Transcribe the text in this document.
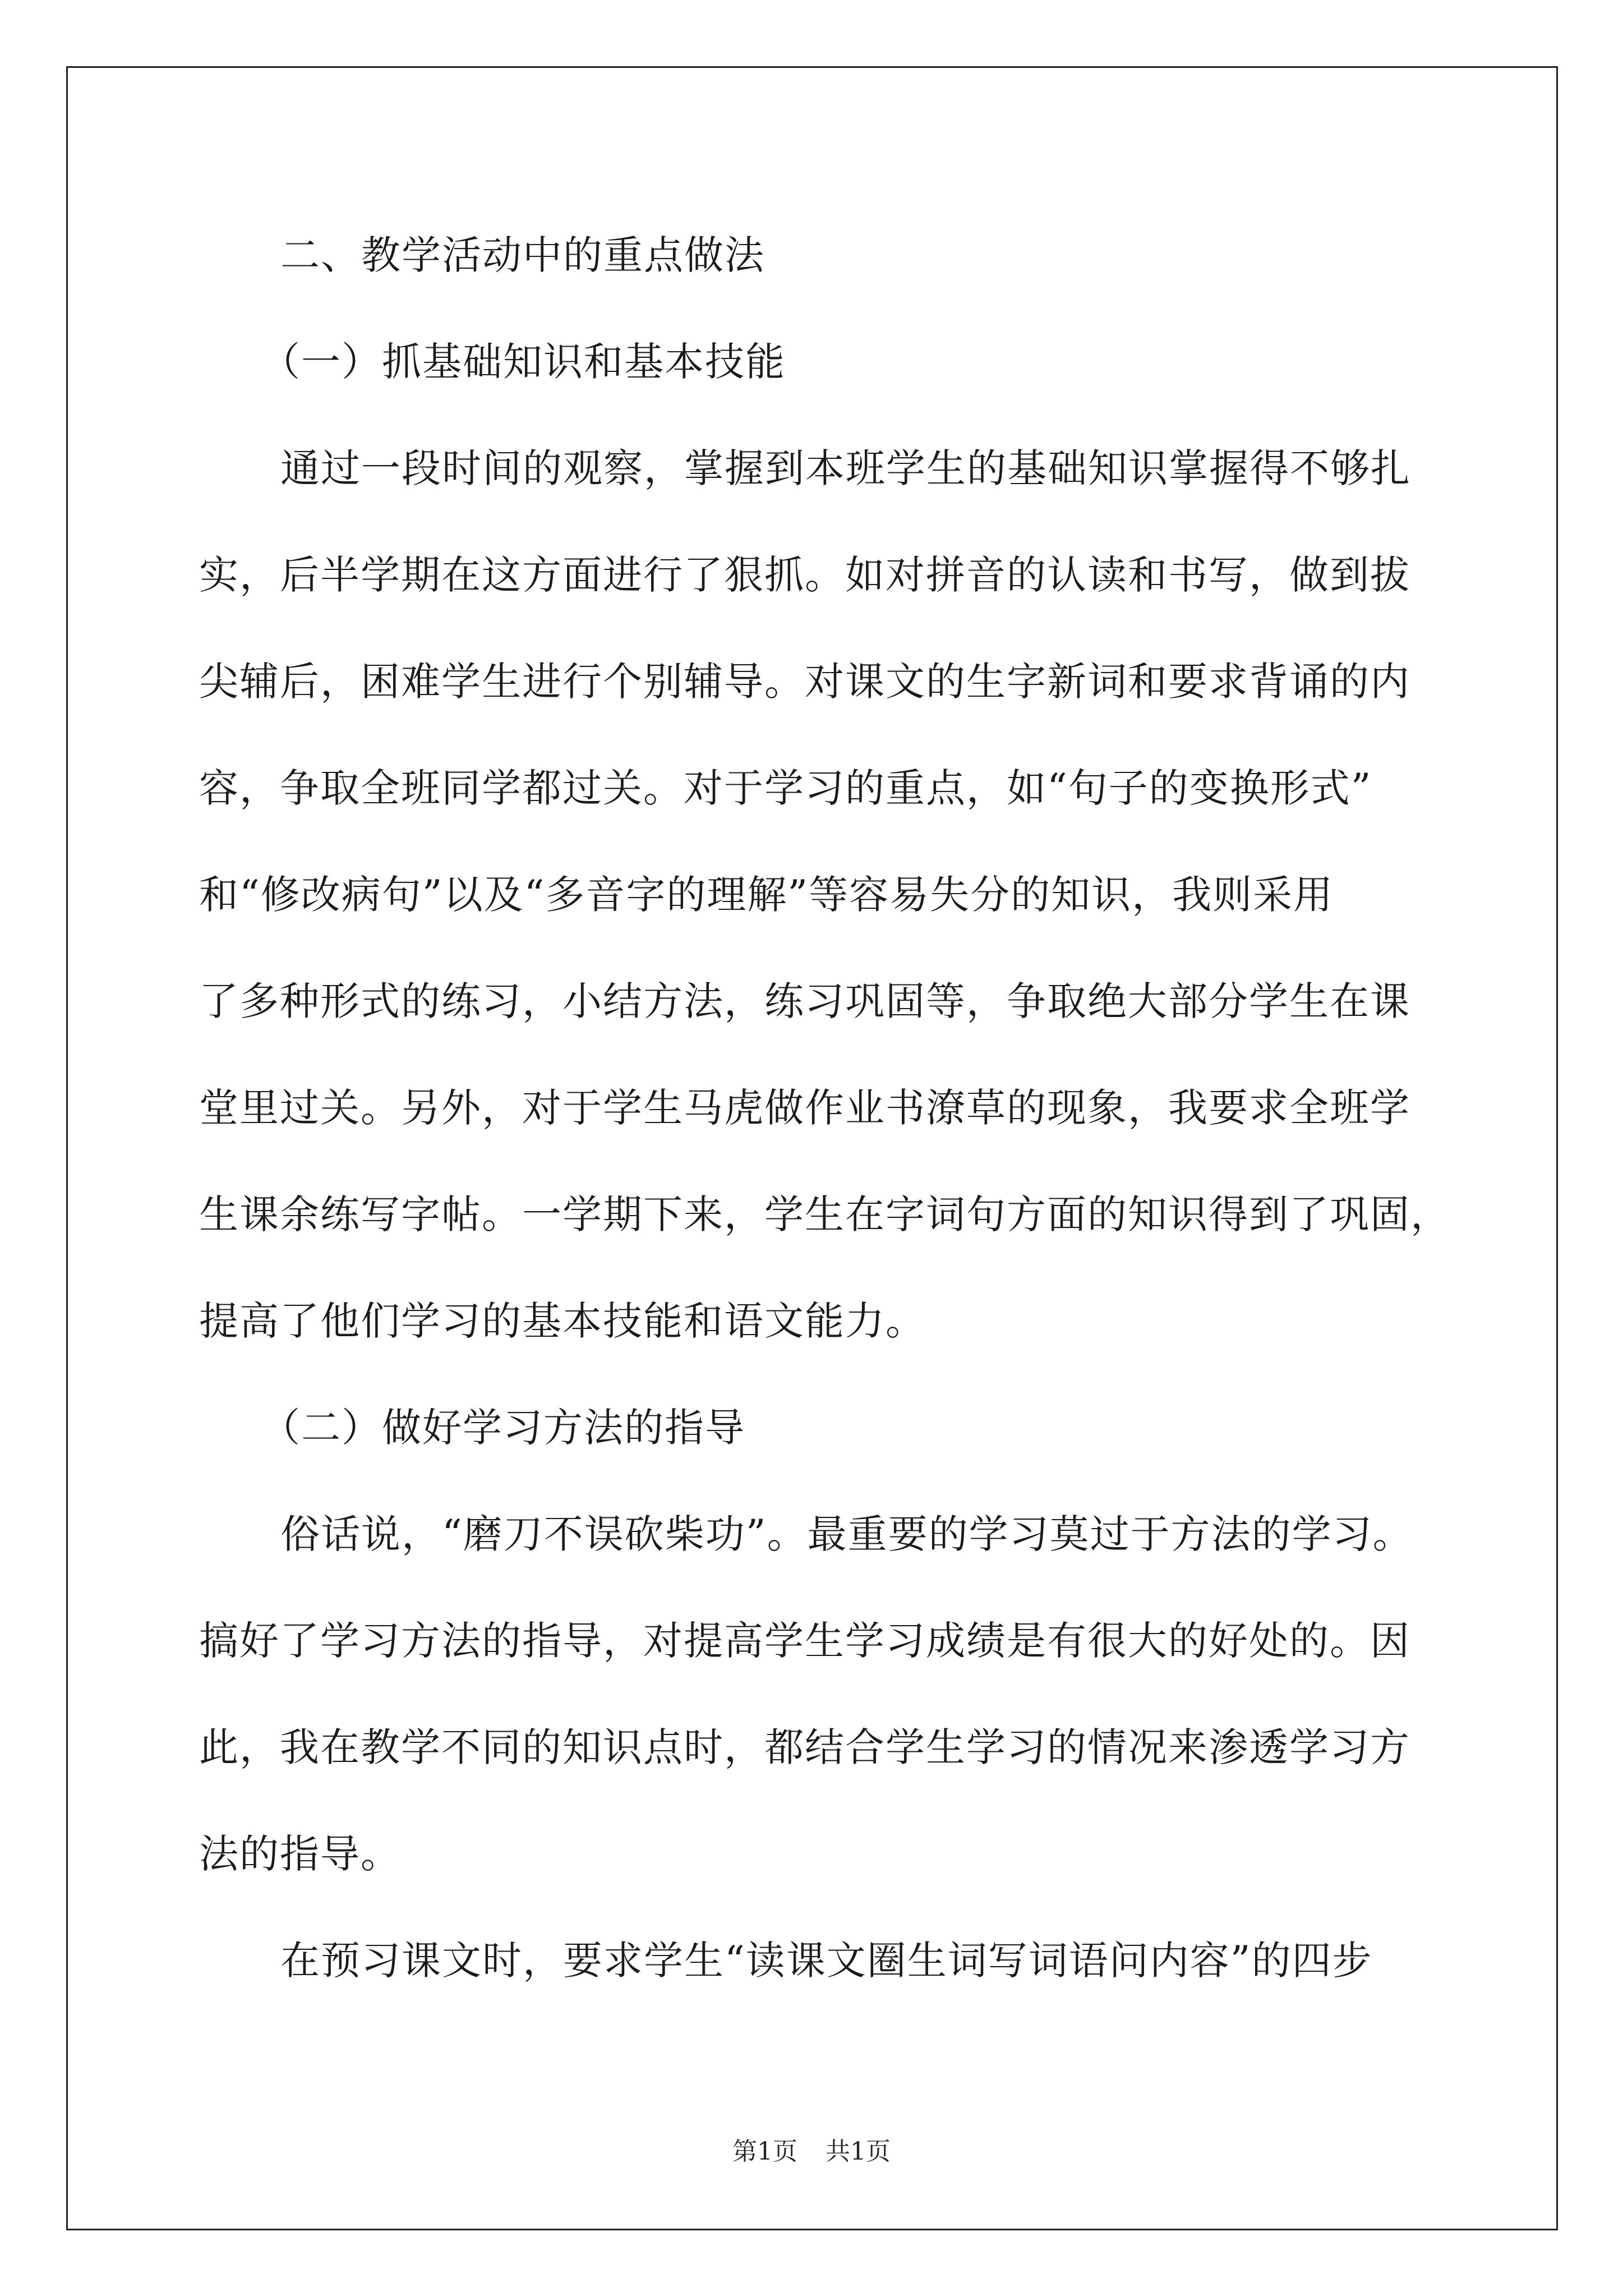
二、教学活动中的重点做法
（一）抓基础知识和基本技能
通过一段时间的观察，掌握到本班学生的基础知识掌握得不够扎
实，后半学期在这方面进行了狠抓。如对拼音的认读和书写，做到拔
尖辅后，困难学生进行个别辅导。对课文的生字新词和要求背诵的内
容，争取全班同学都过关。对于学习的重点，如“句子的变换形式”
和“修改病句”以及“多音字的理解”等容易失分的知识，我则采用
了多种形式的练习，小结方法，练习巩固等，争取绝大部分学生在课
堂里过关。另外，对于学生马虎做作业书潦草的现象，我要求全班学
生课余练写字帖。一学期下来，学生在字词句方面的知识得到了巩固，
提高了他们学习的基本技能和语文能力。
（二）做好学习方法的指导
俗话说，“磨刀不误砍柴功”。最重要的学习莫过于方法的学习。
搞好了学习方法的指导，对提高学生学习成绩是有很大的好处的。因
此，我在教学不同的知识点时，都结合学生学习的情况来渗透学习方
法的指导。
在预习课文时，要求学生“读课文圈生词写词语问内容”的四步
第1页 共1页
